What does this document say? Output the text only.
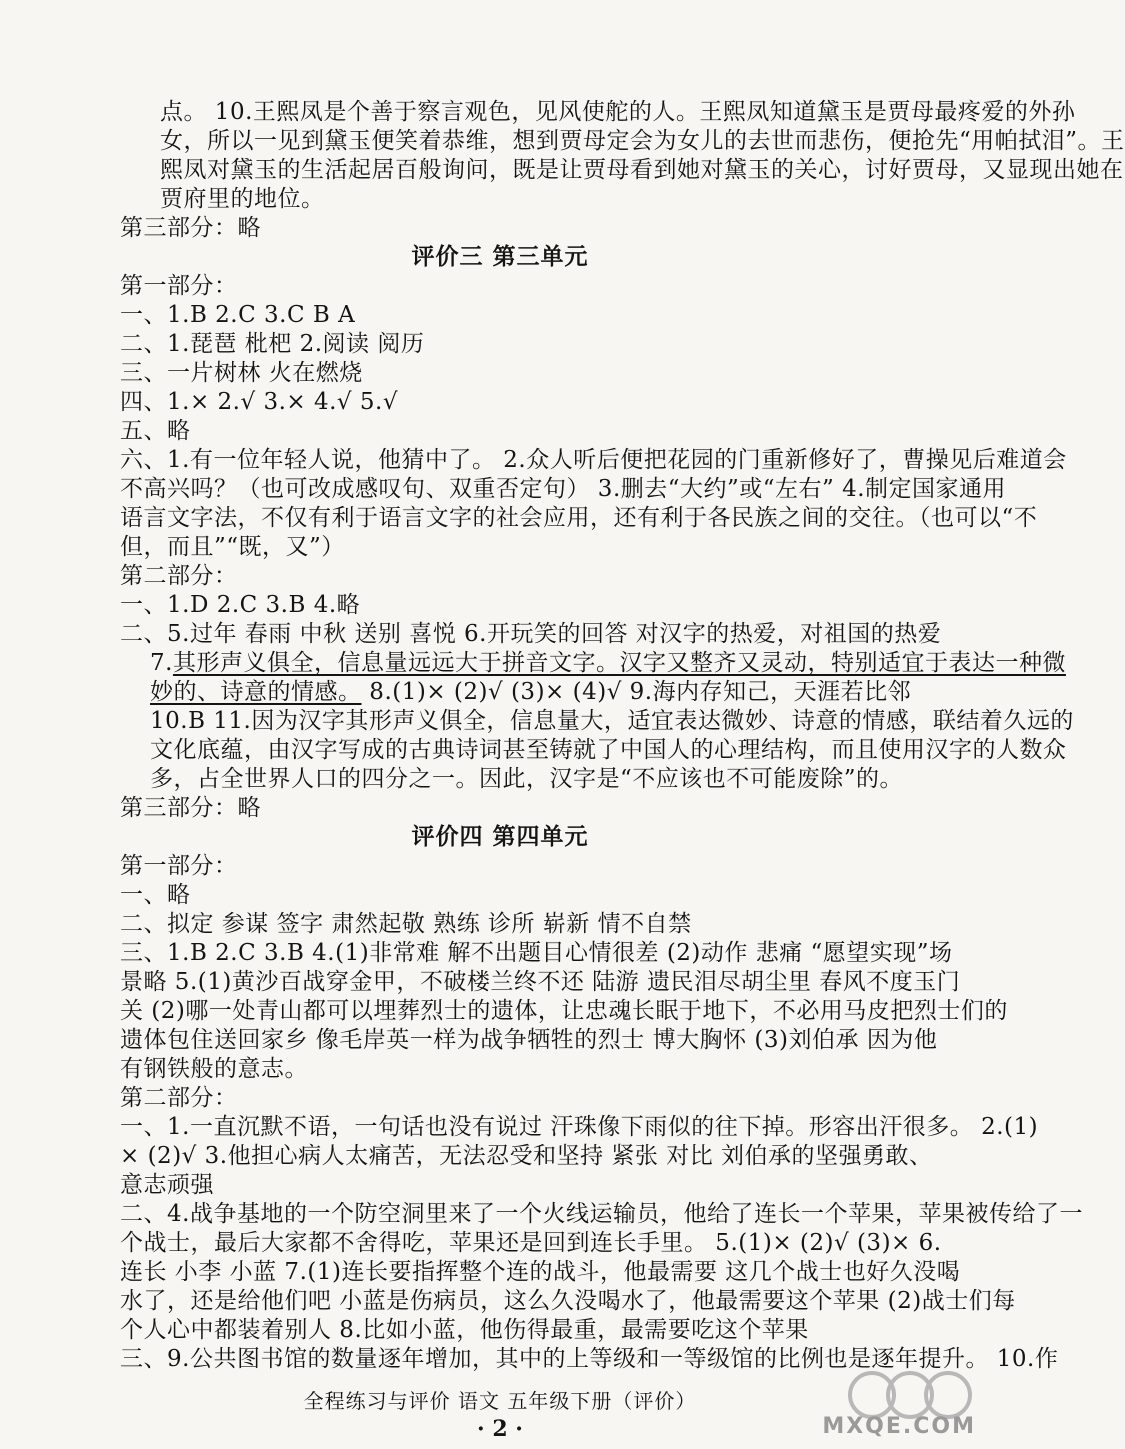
点。 10.王熙凤是个善于察言观色，见风使舵的人。王熙凤知道黛玉是贾母最疼爱的外孙
女，所以一见到黛玉便笑着恭维，想到贾母定会为女儿的去世而悲伤，便抢先“用帕拭泪”。王
熙凤对黛玉的生活起居百般询问，既是让贾母看到她对黛玉的关心，讨好贾母，又显现出她在
贾府里的地位。
第三部分：略
评价三 第三单元
第一部分：
一、1.B 2.C 3.C B A
二、1.琵琶 枇杷 2.阅读 阅历
三、一片树林 火在燃烧
四、1.× 2.√ 3.× 4.√ 5.√
五、略
六、1.有一位年轻人说，他猜中了。 2.众人听后便把花园的门重新修好了，曹操见后难道会
不高兴吗？（也可改成感叹句、双重否定句） 3.删去“大约”或“左右” 4.制定国家通用
语言文字法，不仅有利于语言文字的社会应用，还有利于各民族之间的交往。（也可以“不
但，而且”“既，又”）
第二部分：
一、1.D 2.C 3.B 4.略
二、5.过年 春雨 中秋 送别 喜悦 6.开玩笑的回答 对汉字的热爱，对祖国的热爱
7.其形声义俱全，信息量远远大于拼音文字。汉字又整齐又灵动，特别适宜于表达一种微
妙的、诗意的情感。 8.(1)× (2)√ (3)× (4)√ 9.海内存知己，天涯若比邻
10.B 11.因为汉字其形声义俱全，信息量大，适宜表达微妙、诗意的情感，联结着久远的
文化底蕴，由汉字写成的古典诗词甚至铸就了中国人的心理结构，而且使用汉字的人数众
多，占全世界人口的四分之一。因此，汉字是“不应该也不可能废除”的。
第三部分：略
评价四 第四单元
第一部分：
一、略
二、拟定 参谋 签字 肃然起敬 熟练 诊所 崭新 情不自禁
三、1.B 2.C 3.B 4.(1)非常难 解不出题目心情很差 (2)动作 悲痛 “愿望实现”场
景略 5.(1)黄沙百战穿金甲，不破楼兰终不还 陆游 遗民泪尽胡尘里 春风不度玉门
关 (2)哪一处青山都可以埋葬烈士的遗体，让忠魂长眠于地下，不必用马皮把烈士们的
遗体包住送回家乡 像毛岸英一样为战争牺牲的烈士 博大胸怀 (3)刘伯承 因为他
有钢铁般的意志。
第二部分：
一、1.一直沉默不语，一句话也没有说过 汗珠像下雨似的往下掉。形容出汗很多。 2.(1)
× (2)√ 3.他担心病人太痛苦，无法忍受和坚持 紧张 对比 刘伯承的坚强勇敢、
意志顽强
二、4.战争基地的一个防空洞里来了一个火线运输员，他给了连长一个苹果，苹果被传给了一
个战士，最后大家都不舍得吃，苹果还是回到连长手里。 5.(1)× (2)√ (3)× 6.
连长 小李 小蓝 7.(1)连长要指挥整个连的战斗，他最需要 这几个战士也好久没喝
水了，还是给他们吧 小蓝是伤病员，这么久没喝水了，他最需要这个苹果 (2)战士们每
个人心中都装着别人 8.比如小蓝，他伤得最重，最需要吃这个苹果
三、9.公共图书馆的数量逐年增加，其中的上等级和一等级馆的比例也是逐年提升。 10.作
全程练习与评价 语文 五年级下册（评价）
· 2 ·	MXQE.COM
